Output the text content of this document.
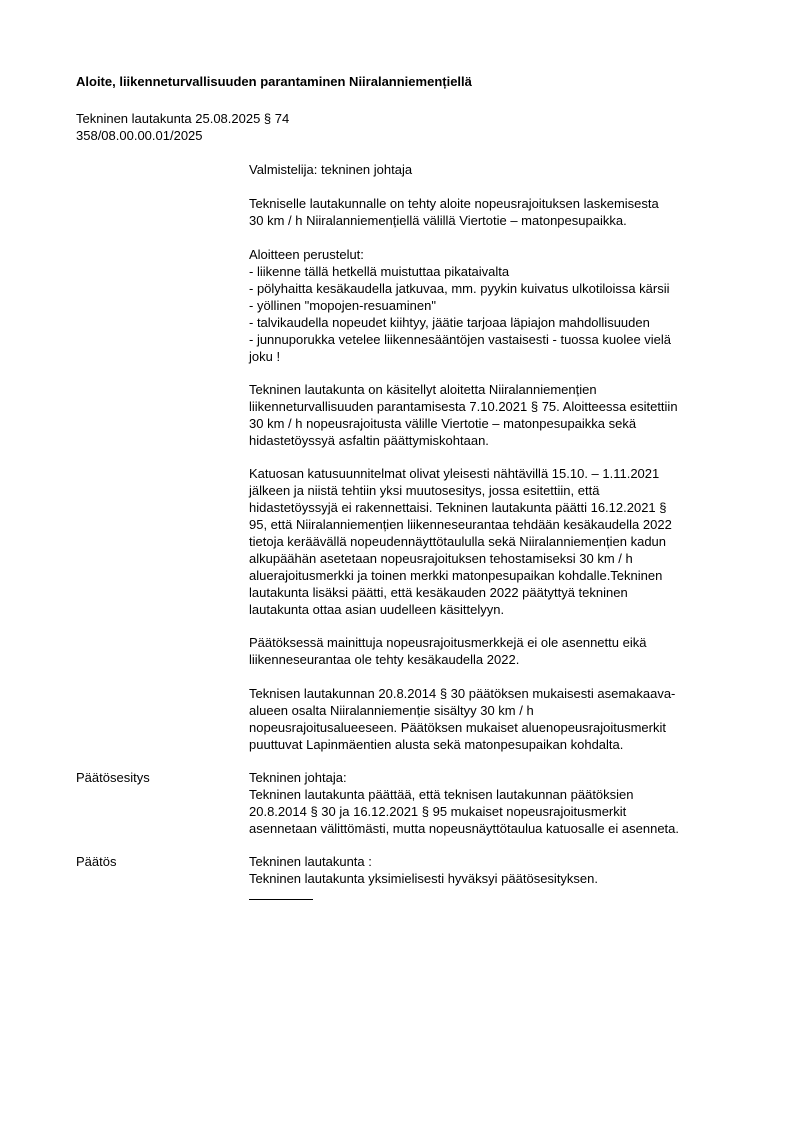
Aloite, liikenneturvallisuuden parantaminen Niiralanniemențiellä
Tekninen lautakunta 25.08.2025 § 74
358/08.00.00.01/2025
Valmistelija: tekninen johtaja
Tekniselle lautakunnalle on tehty aloite nopeusrajoituksen laskemisesta
30 km / h Niiralanniemențiellä välillä Viertotie – matonpesupaikka.
Aloitteen perustelut:
- liikenne tällä hetkellä muistuttaa pikataivalta
- pölyhaitta kesäkaudella jatkuvaa, mm. pyykin kuivatus ulkotiloissa kärsii
- yöllinen "mopojen-resuaminen"
- talvikaudella nopeudet kiihtyy, jäätie tarjoaa läpiajon mahdollisuuden
- junnuporukka vetelee liikennesääntöjen vastaisesti - tuossa kuolee vielä
joku !
Tekninen lautakunta on käsitellyt aloitetta Niiralanniemențien
liikenneturvallisuuden parantamisesta 7.10.2021 § 75. Aloitteessa esitettiin
30 km / h nopeusrajoitusta välille Viertotie – matonpesupaikka sekä
hidastetöyssyä asfaltin päättymiskohtaan.
Katuosan katusuunnitelmat olivat yleisesti nähtävillä 15.10. – 1.11.2021
jälkeen ja niistä tehtiin yksi muutosesitys, jossa esitettiin, että
hidastetöyssyjä ei rakennettaisi. Tekninen lautakunta päätti 16.12.2021 §
95, että Niiralanniemențien liikenneseurantaa tehdään kesäkaudella 2022
tietoja keräävällä nopeudennäyttötaululla sekä Niiralanniemențien kadun
alkupäähän asetetaan nopeusrajoituksen tehostamiseksi 30 km / h
aluerajoitusmerkki ja toinen merkki matonpesupaikan kohdalle.Tekninen
lautakunta lisäksi päätti, että kesäkauden 2022 päätyttyä tekninen
lautakunta ottaa asian uudelleen käsittelyyn.
Päätöksessä mainittuja nopeusrajoitusmerkkejä ei ole asennettu eikä
liikenneseurantaa ole tehty kesäkaudella 2022.
Teknisen lautakunnan 20.8.2014 § 30 päätöksen mukaisesti asemakaava-
alueen osalta Niiralanniemenție sisältyy 30 km / h
nopeusrajoitusalueeseen. Päätöksen mukaiset aluenopeusrajoitusmerkit
puuttuvat Lapinmäentien alusta sekä matonpesupaikan kohdalta.
Päätösesitys	Tekninen johtaja:
Tekninen lautakunta päättää, että teknisen lautakunnan päätöksien
20.8.2014 § 30 ja 16.12.2021 § 95 mukaiset nopeusrajoitusmerkit
asennetaan välittömästi, mutta nopeusnäyttötaulua katuosalle ei asenneta.
Päätös	Tekninen lautakunta :
Tekninen lautakunta yksimielisesti hyväksyi päätösesityksen.
